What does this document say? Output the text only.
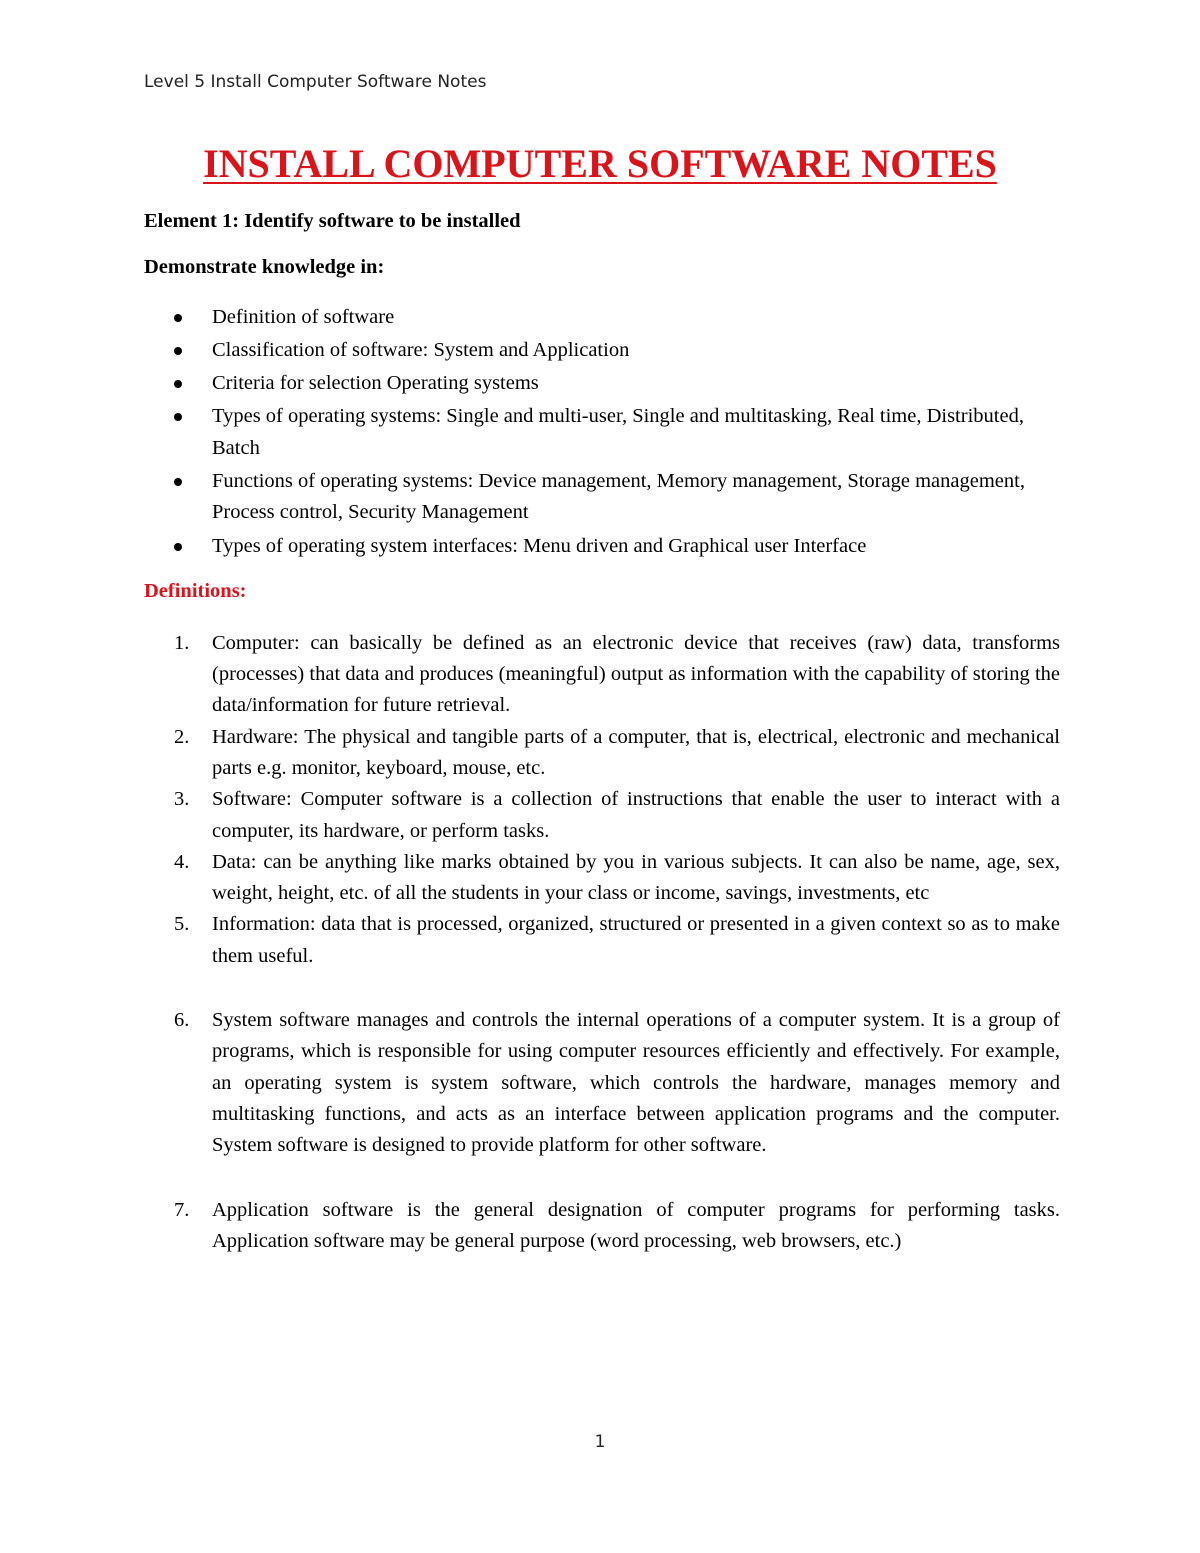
Level 5 Install Computer Software Notes
INSTALL COMPUTER SOFTWARE NOTES

Element 1: Identify software to be installed

Demonstrate knowledge in:

Definition of software
Classification of software: System and Application
Criteria for selection Operating systems
Types of operating systems: Single and multi-user, Single and multitasking, Real time, Distributed, Batch
Functions of operating systems: Device management, Memory management, Storage management, Process control, Security Management
Types of operating system interfaces: Menu driven and Graphical user Interface

Definitions:

1. Computer: can basically be defined as an electronic device that receives (raw) data, transforms (processes) that data and produces (meaningful) output as information with the capability of storing the data/information for future retrieval.
2. Hardware: The physical and tangible parts of a computer, that is, electrical, electronic and mechanical parts e.g. monitor, keyboard, mouse, etc.
3. Software: Computer software is a collection of instructions that enable the user to interact with a computer, its hardware, or perform tasks.
4. Data: can be anything like marks obtained by you in various subjects. It can also be name, age, sex, weight, height, etc. of all the students in your class or income, savings, investments, etc
5. Information: data that is processed, organized, structured or presented in a given context so as to make them useful.
6. System software manages and controls the internal operations of a computer system. It is a group of programs, which is responsible for using computer resources efficiently and effectively. For example, an operating system is system software, which controls the hardware, manages memory and multitasking functions, and acts as an interface between application programs and the computer. System software is designed to provide platform for other software.
7. Application software is the general designation of computer programs for performing tasks. Application software may be general purpose (word processing, web browsers, etc.)
1
